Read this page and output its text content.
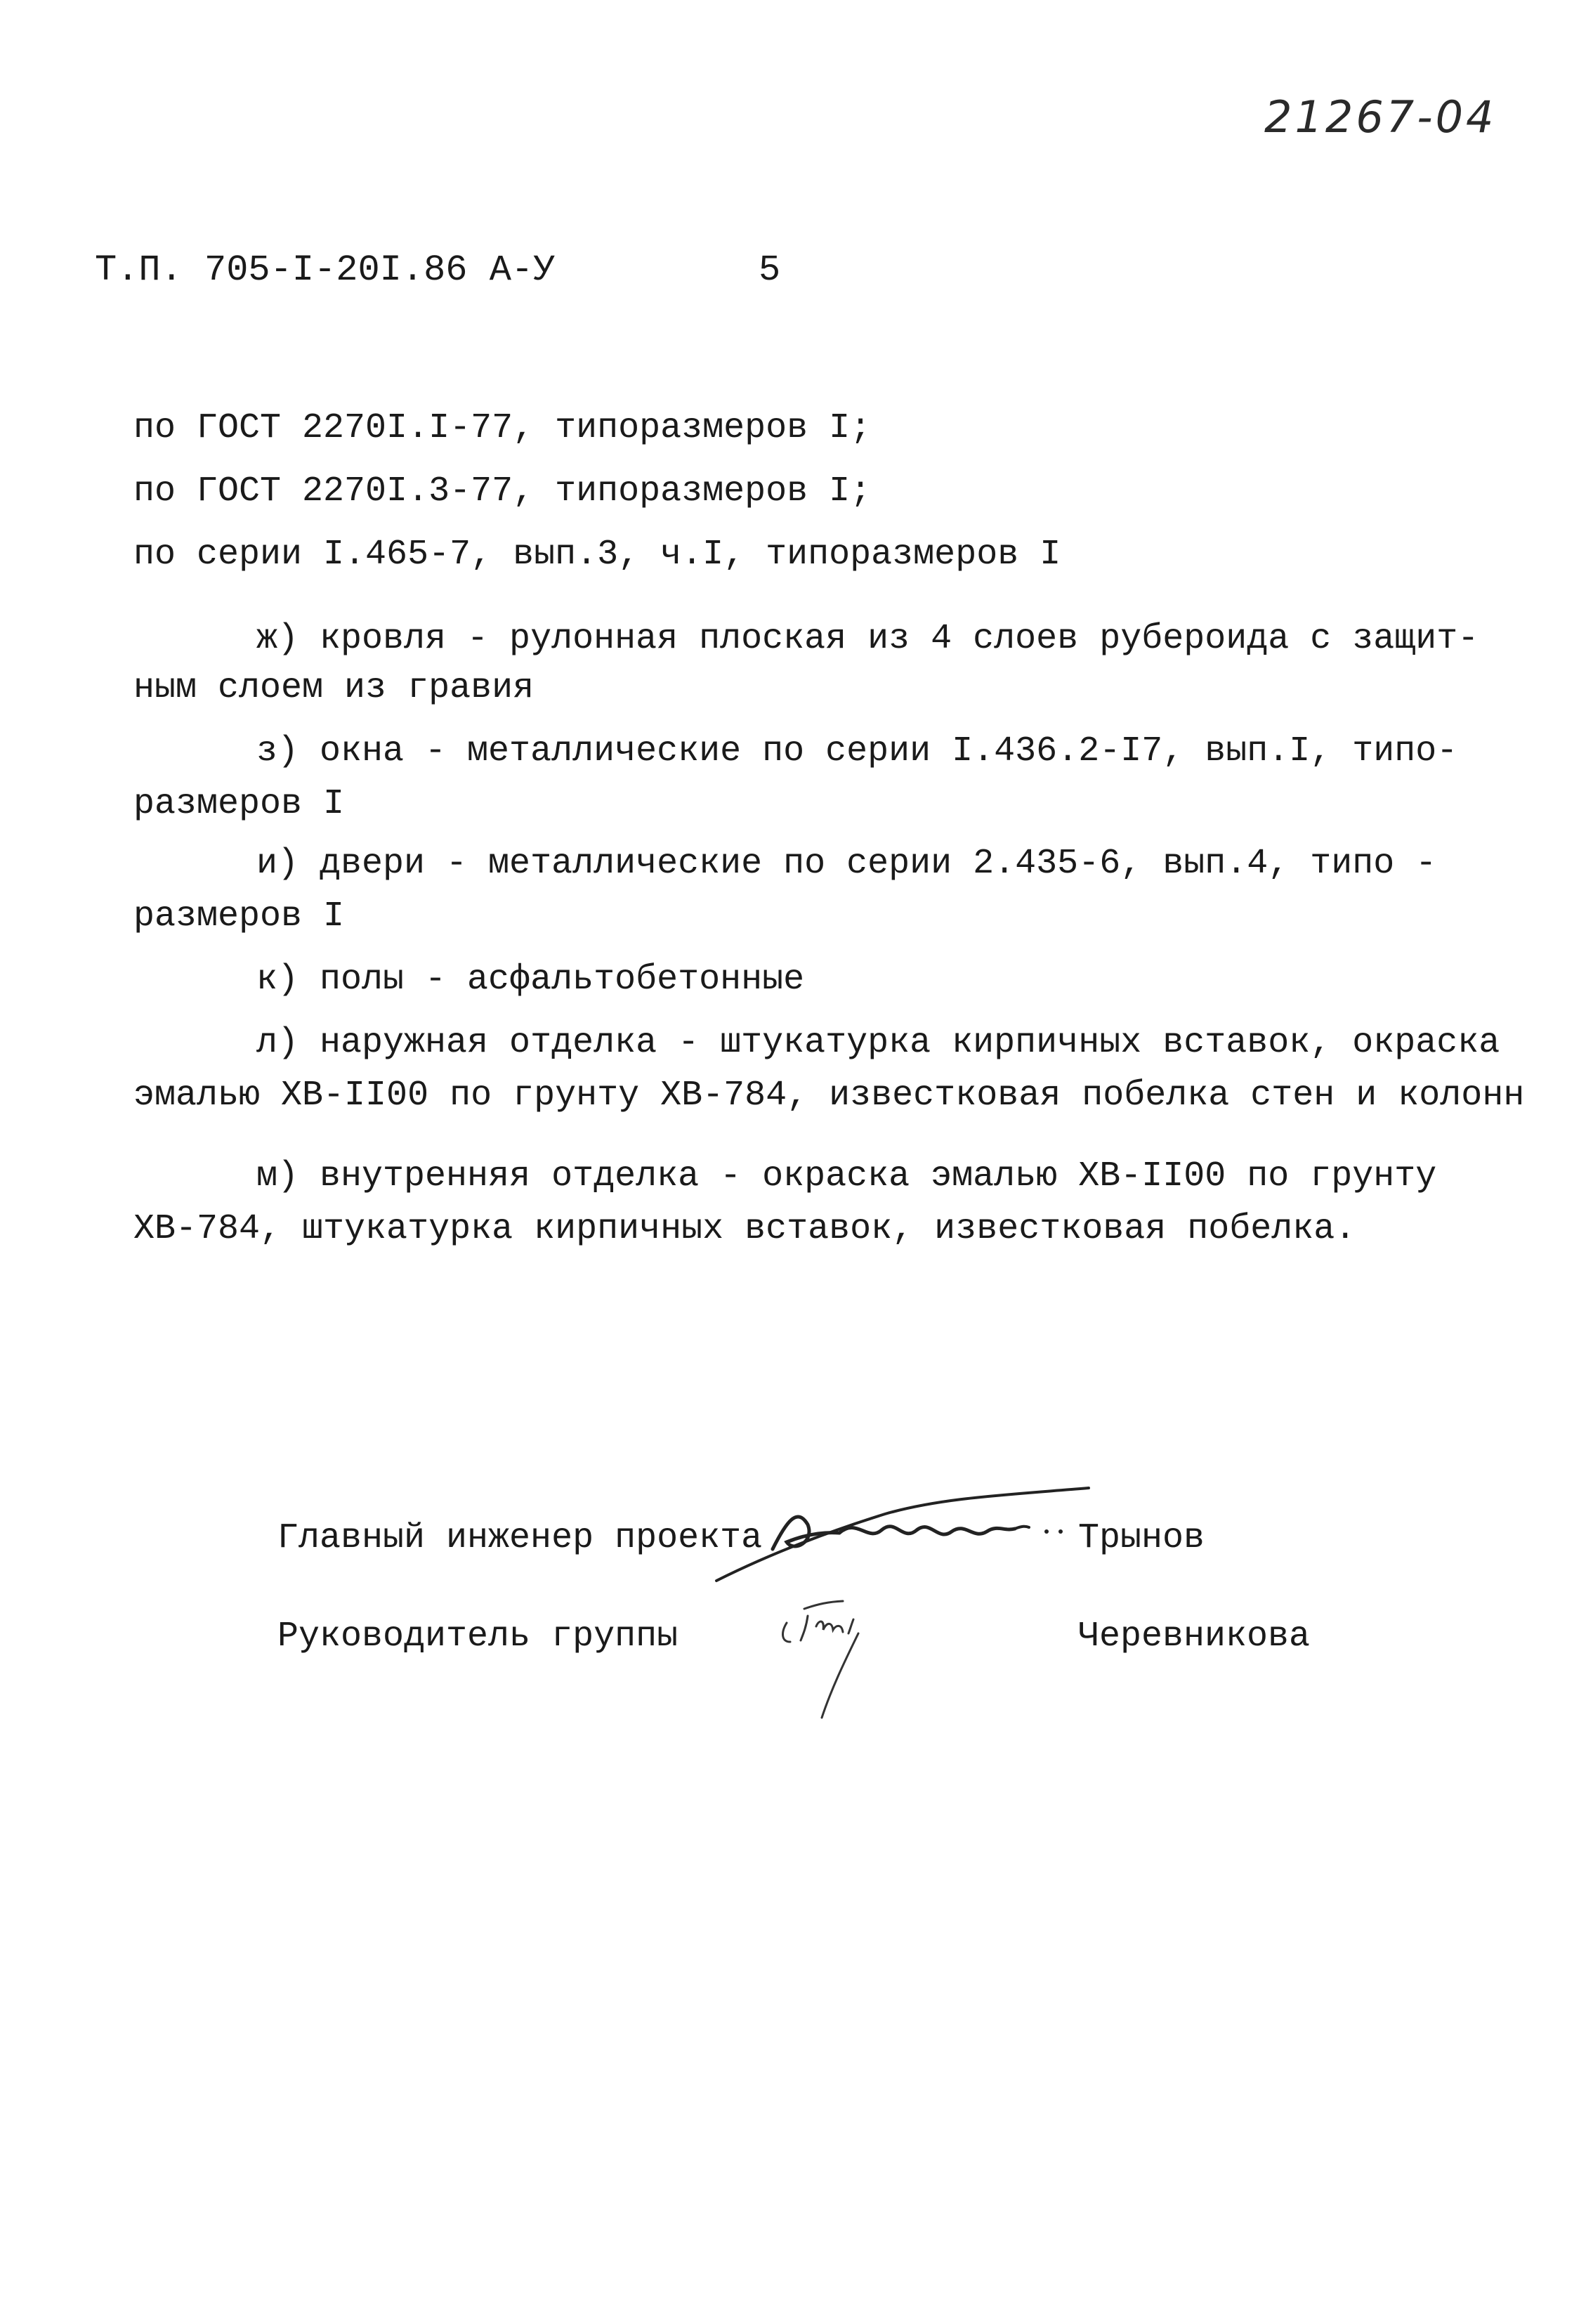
21267-04
Т.П. 705-I-20I.86 А-У	5
по ГОСТ 2270I.I-77, типоразмеров I;
по ГОСТ 2270I.3-77, типоразмеров I;
по серии I.465-7, вып.3, ч.I, типоразмеров I
ж) кровля - рулонная плоская из 4 слоев рубероида с защит-
ным слоем из гравия
з) окна - металлические по серии I.436.2-I7, вып.I, типо-
размеров I
и) двери - металлические по серии 2.435-6, вып.4, типо -
размеров I
к) полы - асфальтобетонные
л) наружная отделка - штукатурка кирпичных вставок, окраска
эмалью ХВ-II00 по грунту ХВ-784, известковая побелка стен и колонн
м) внутренняя отделка - окраска эмалью ХВ-II00 по грунту
ХВ-784, штукатурка кирпичных вставок, известковая побелка.
Главный инженер проекта	Трынов
Руководитель группы	Черевникова
